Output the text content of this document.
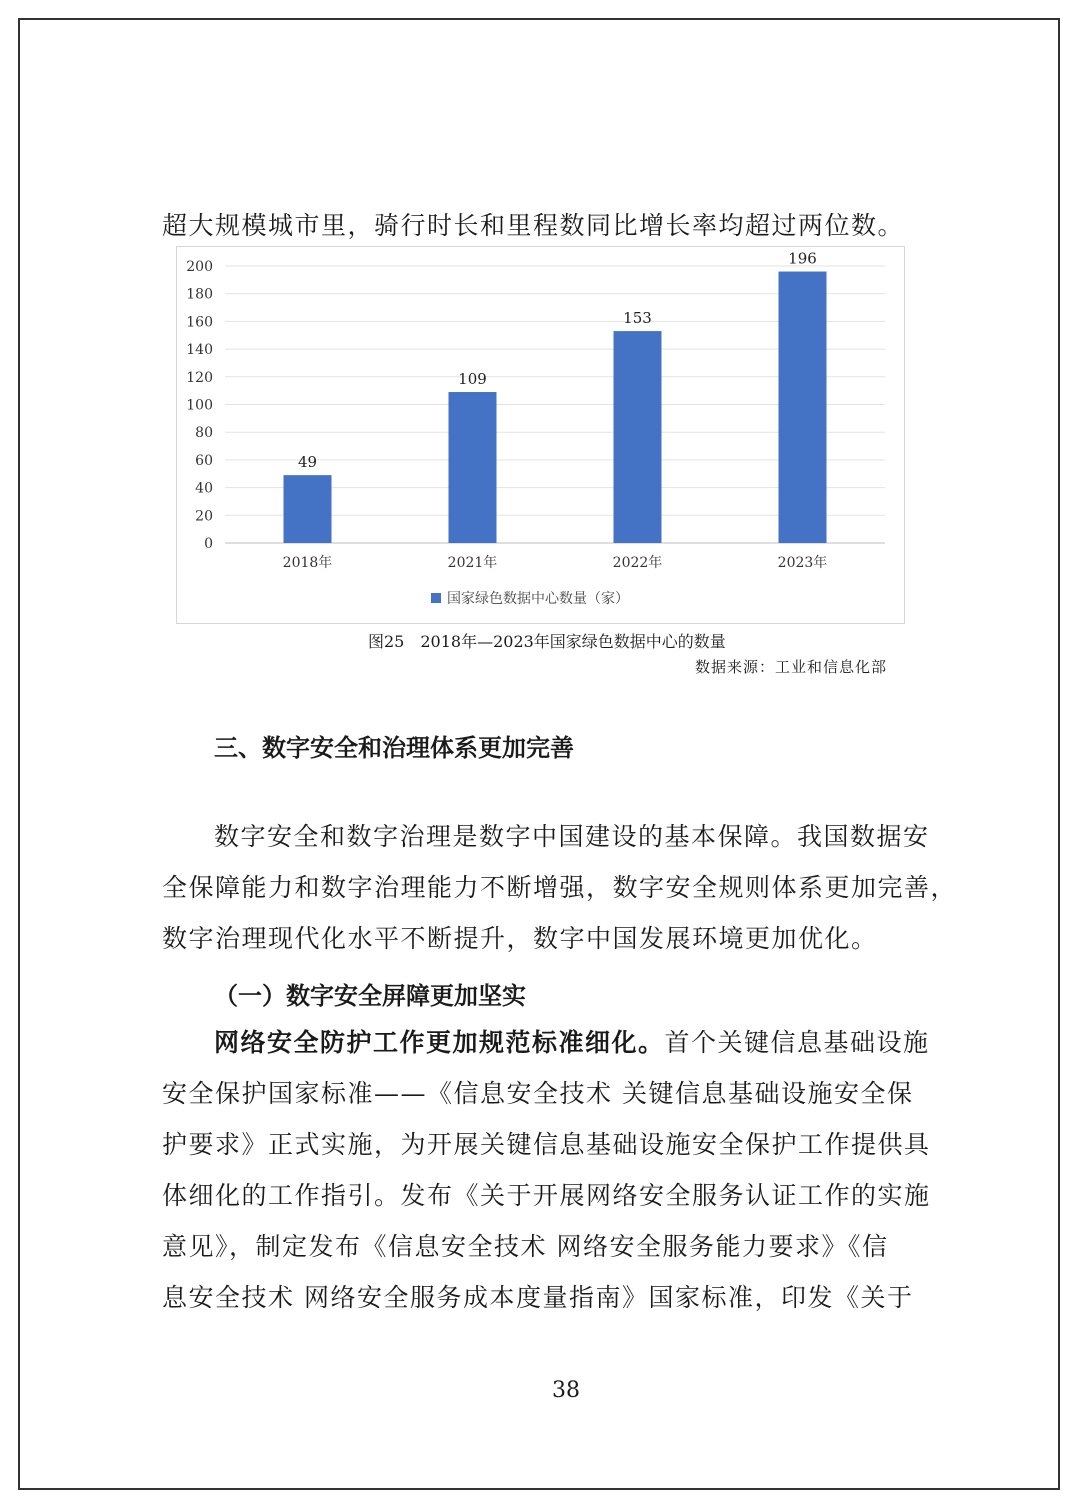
超大规模城市里，骑行时长和里程数同比增长率均超过两位数。
0
20
40
60
80
100
120
140
160
180
200
49
2018年
109
2021年
153
2022年
196
2023年
国家绿色数据中心数量（家）
图25　2018年—2023年国家绿色数据中心的数量
数据来源：工业和信息化部
三、数字安全和治理体系更加完善
数字安全和数字治理是数字中国建设的基本保障。我国数据安
全保障能力和数字治理能力不断增强，数字安全规则体系更加完善，
数字治理现代化水平不断提升，数字中国发展环境更加优化。
（一）数字安全屏障更加坚实
网络安全防护工作更加规范标准细化。首个关键信息基础设施
安全保护国家标准——《信息安全技术 关键信息基础设施安全保
护要求》正式实施，为开展关键信息基础设施安全保护工作提供具
体细化的工作指引。发布《关于开展网络安全服务认证工作的实施
意见》，制定发布《信息安全技术 网络安全服务能力要求》《信
息安全技术 网络安全服务成本度量指南》国家标准，印发《关于
38
